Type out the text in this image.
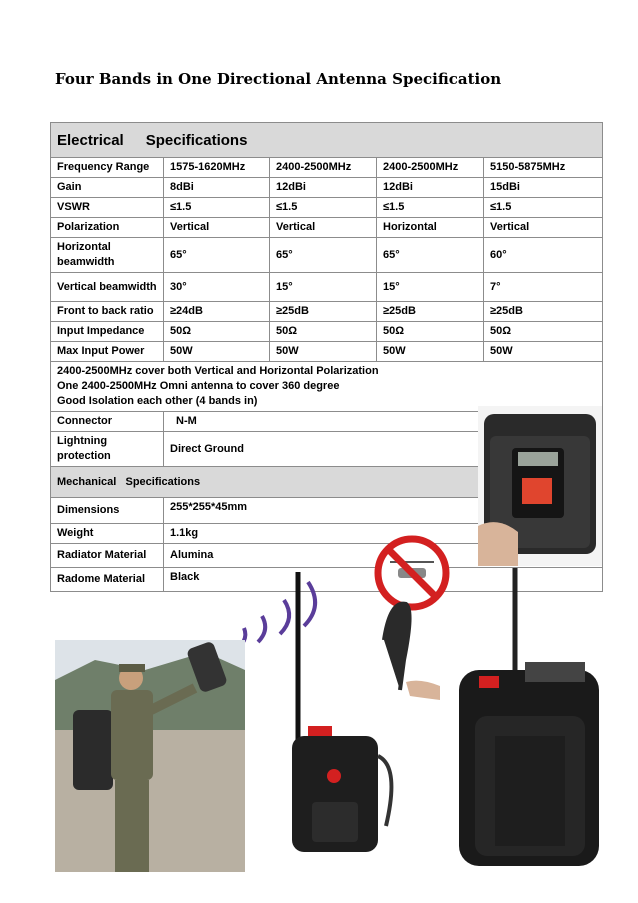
Four Bands in One Directional Antenna Specification
Electrical Specifications				
Frequency Range	1575-1620MHz	2400-2500MHz	2400-2500MHz	5150-5875MHz
Gain	8dBi	12dBi	12dBi	15dBi
VSWR	≤1.5	≤1.5	≤1.5	≤1.5
Polarization	Vertical	Vertical	Horizontal	Vertical
Horizontal beamwidth	65°	65°	65°	60°
Vertical beamwidth	30°	15°	15°	7°
Front to back ratio	≥24dB	≥25dB	≥25dB	≥25dB
Input Impedance	50Ω	50Ω	50Ω	50Ω
Max Input Power	50W	50W	50W	50W

2400-2500MHz cover both Vertical and Horizontal Polarization
One 2400-2500MHz Omni antenna to cover 360 degree
Good Isolation each other (4 bands in)				

Connector	N-M			
Lightning protection	Direct Ground			
Mechanical Specifications				
Dimensions	255*255*45mm			
Weight	1.1kg			
Radiator Material	Alumina			
Radome Material	Black			
